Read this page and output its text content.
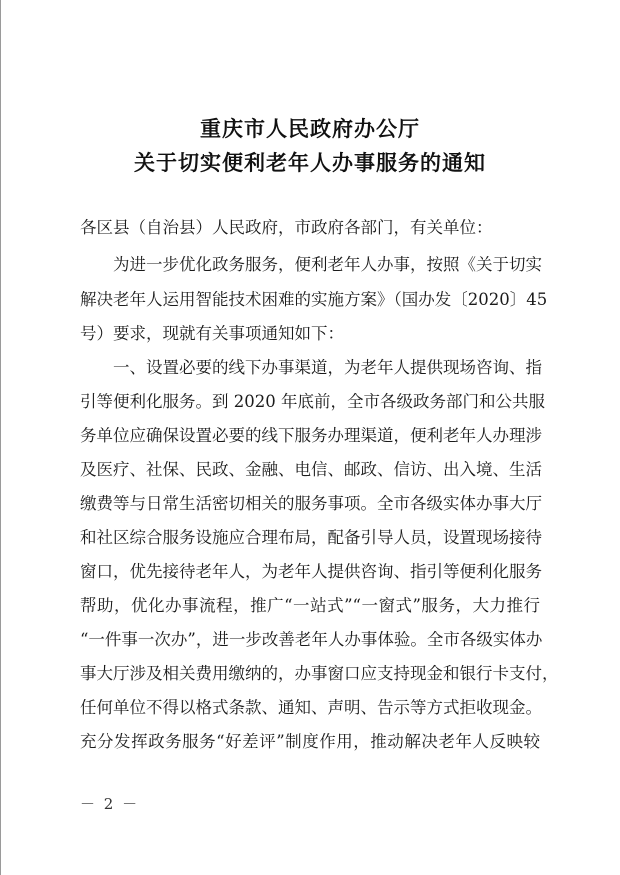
重庆市人民政府办公厅
关于切实便利老年人办事服务的通知
各区县（自治县）人民政府，市政府各部门，有关单位：
为进一步优化政务服务，便利老年人办事，按照《关于切实
解决老年人运用智能技术困难的实施方案》（国办发〔2020〕45
号）要求，现就有关事项通知如下：
一、设置必要的线下办事渠道，为老年人提供现场咨询、指
引等便利化服务。到 2020 年底前，全市各级政务部门和公共服
务单位应确保设置必要的线下服务办理渠道，便利老年人办理涉
及医疗、社保、民政、金融、电信、邮政、信访、出入境、生活
缴费等与日常生活密切相关的服务事项。全市各级实体办事大厅
和社区综合服务设施应合理布局，配备引导人员，设置现场接待
窗口，优先接待老年人，为老年人提供咨询、指引等便利化服务
帮助，优化办事流程，推广“一站式”“一窗式”服务，大力推行
“一件事一次办”，进一步改善老年人办事体验。全市各级实体办
事大厅涉及相关费用缴纳的，办事窗口应支持现金和银行卡支付，
任何单位不得以格式条款、通知、声明、告示等方式拒收现金。
充分发挥政务服务“好差评”制度作用，推动解决老年人反映较
－ 2 －
